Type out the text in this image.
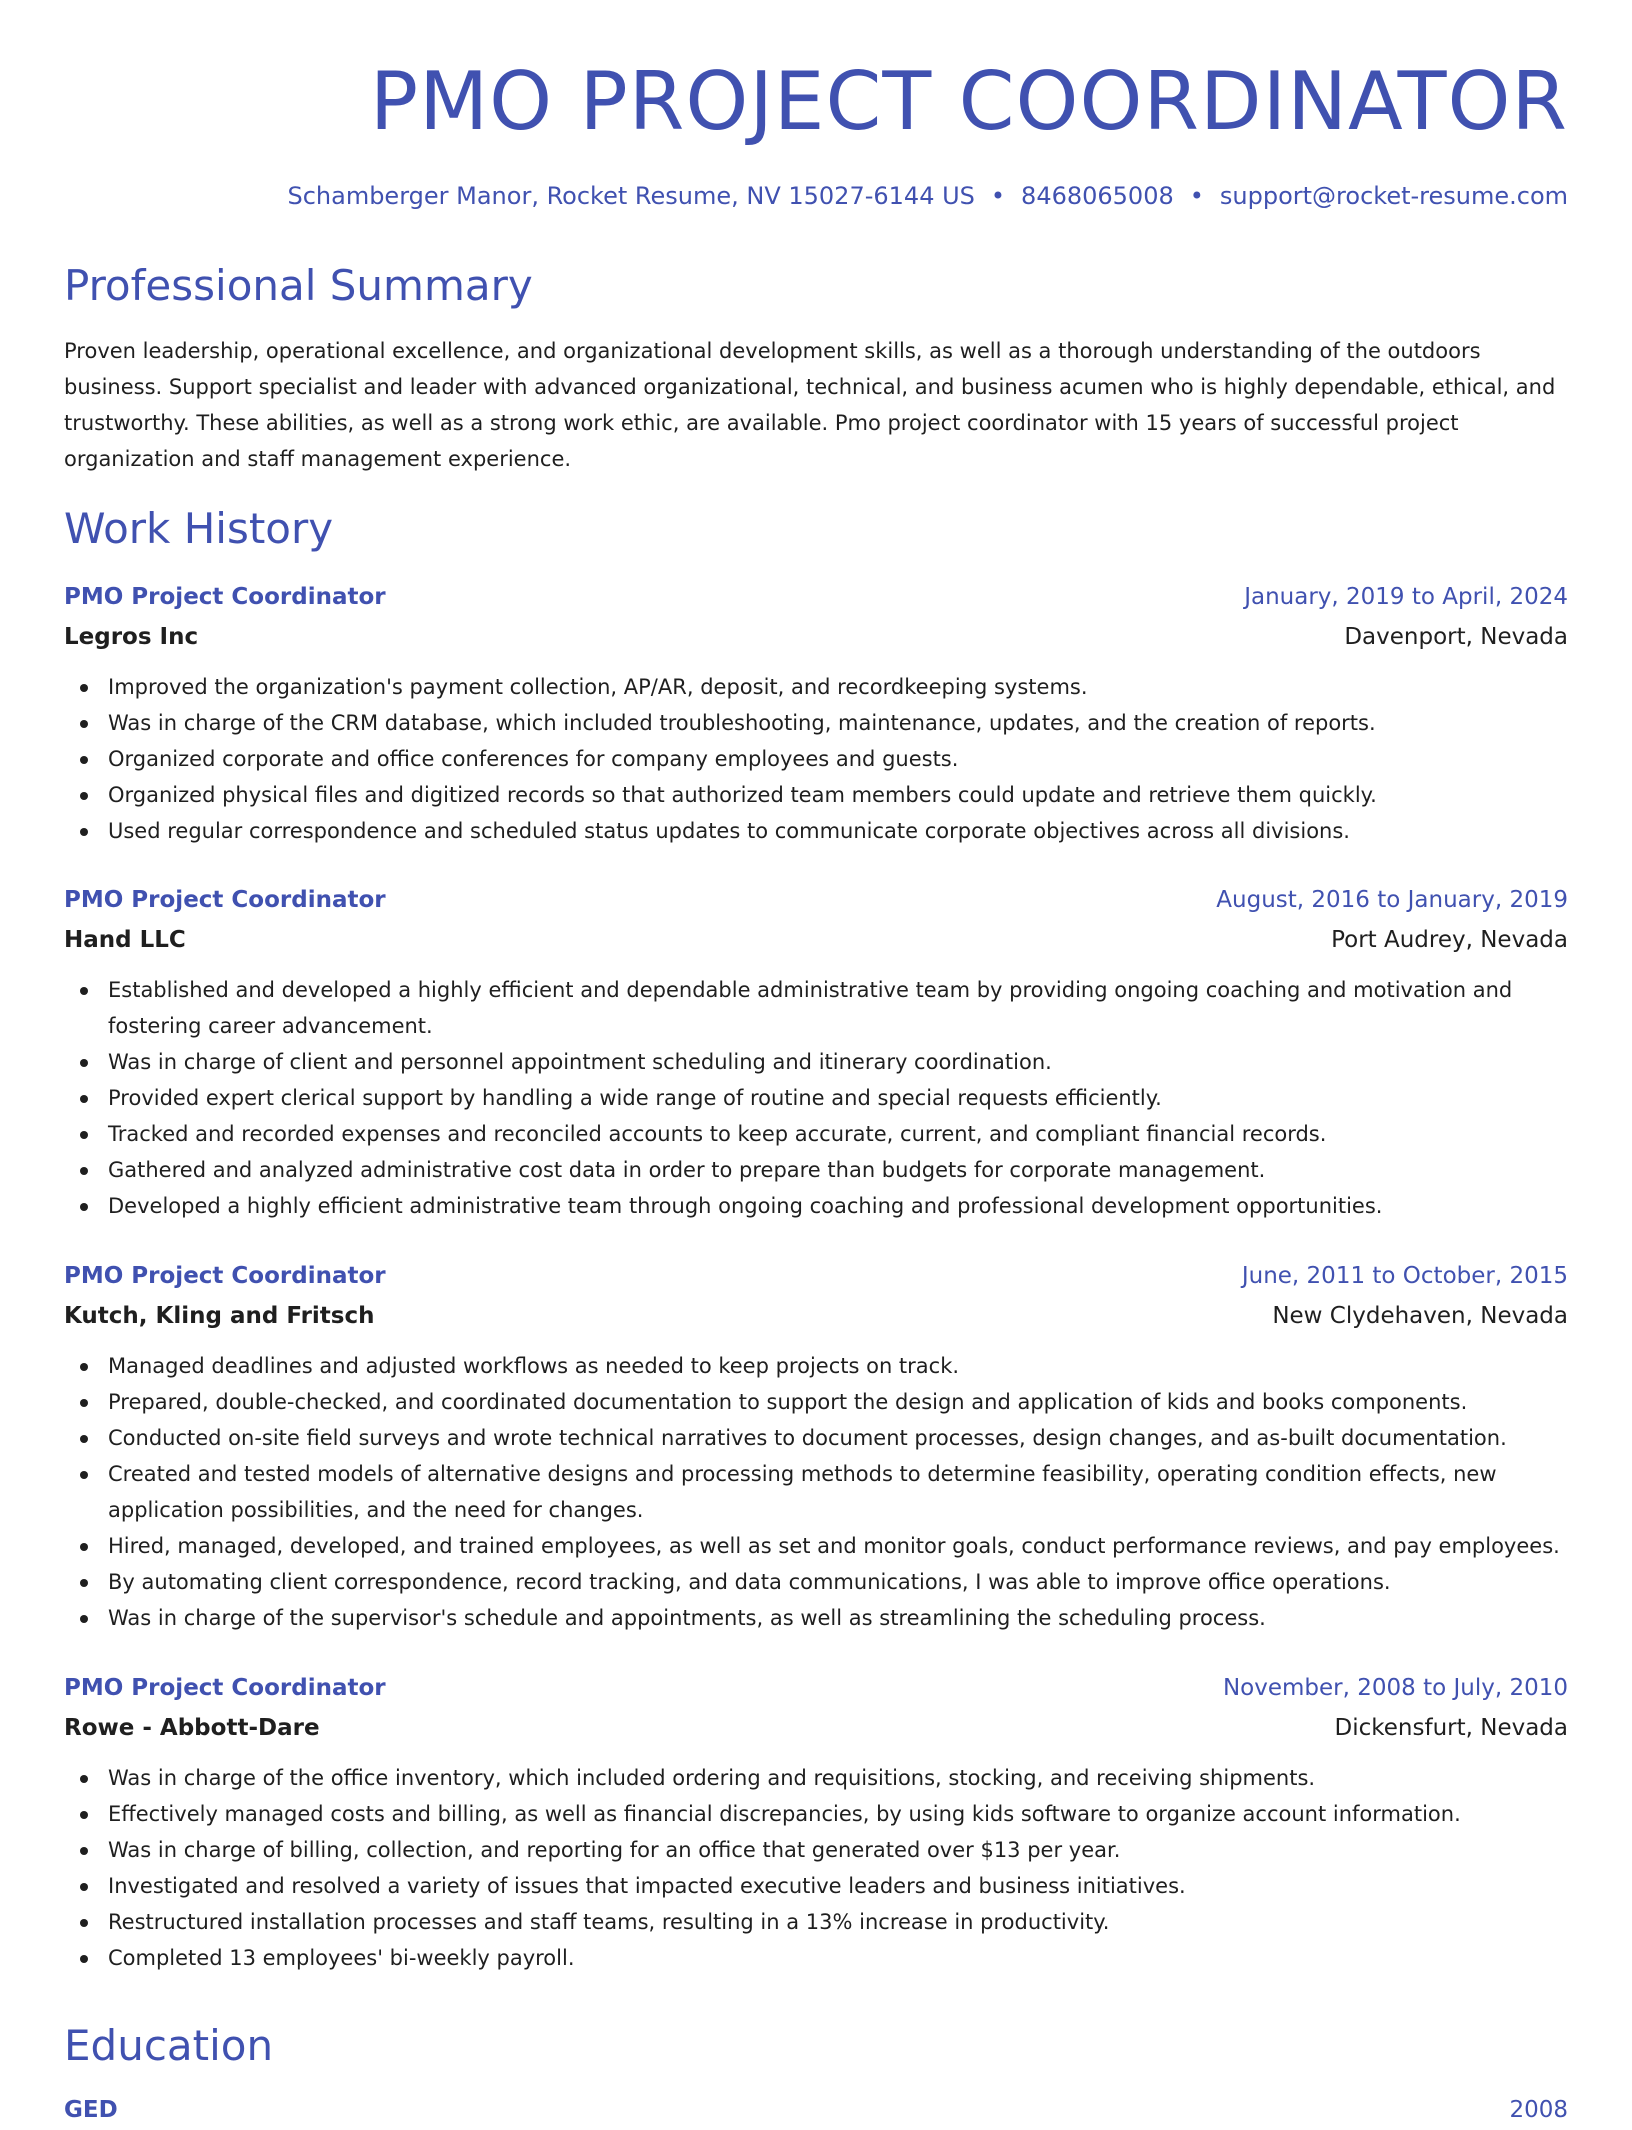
PMO PROJECT COORDINATOR
Schamberger Manor, Rocket Resume, NV 15027-6144 US • 8468065008 • support@rocket-resume.com
Professional Summary

Proven leadership, operational excellence, and organizational development skills, as well as a thorough understanding of the outdoors business. Support specialist and leader with advanced organizational, technical, and business acumen who is highly dependable, ethical, and trustworthy. These abilities, as well as a strong work ethic, are available. Pmo project coordinator with 15 years of successful project organization and staff management experience.

Work History
PMO Project Coordinator	January, 2019 to April, 2024
Legros Inc	Davenport, Nevada
Improved the organization's payment collection, AP/AR, deposit, and recordkeeping systems.
Was in charge of the CRM database, which included troubleshooting, maintenance, updates, and the creation of reports.
Organized corporate and office conferences for company employees and guests.
Organized physical files and digitized records so that authorized team members could update and retrieve them quickly.
Used regular correspondence and scheduled status updates to communicate corporate objectives across all divisions.
PMO Project Coordinator	August, 2016 to January, 2019
Hand LLC	Port Audrey, Nevada
Established and developed a highly efficient and dependable administrative team by providing ongoing coaching and motivation and fostering career advancement.
Was in charge of client and personnel appointment scheduling and itinerary coordination.
Provided expert clerical support by handling a wide range of routine and special requests efficiently.
Tracked and recorded expenses and reconciled accounts to keep accurate, current, and compliant financial records.
Gathered and analyzed administrative cost data in order to prepare than budgets for corporate management.
Developed a highly efficient administrative team through ongoing coaching and professional development opportunities.
PMO Project Coordinator	June, 2011 to October, 2015
Kutch, Kling and Fritsch	New Clydehaven, Nevada
Managed deadlines and adjusted workflows as needed to keep projects on track.
Prepared, double-checked, and coordinated documentation to support the design and application of kids and books components.
Conducted on-site field surveys and wrote technical narratives to document processes, design changes, and as-built documentation.
Created and tested models of alternative designs and processing methods to determine feasibility, operating condition effects, new application possibilities, and the need for changes.
Hired, managed, developed, and trained employees, as well as set and monitor goals, conduct performance reviews, and pay employees.
By automating client correspondence, record tracking, and data communications, I was able to improve office operations.
Was in charge of the supervisor's schedule and appointments, as well as streamlining the scheduling process.
PMO Project Coordinator	November, 2008 to July, 2010
Rowe - Abbott-Dare	Dickensfurt, Nevada
Was in charge of the office inventory, which included ordering and requisitions, stocking, and receiving shipments.
Effectively managed costs and billing, as well as financial discrepancies, by using kids software to organize account information.
Was in charge of billing, collection, and reporting for an office that generated over $13 per year.
Investigated and resolved a variety of issues that impacted executive leaders and business initiatives.
Restructured installation processes and staff teams, resulting in a 13% increase in productivity.
Completed 13 employees' bi-weekly payroll.
Education
GED	2008
